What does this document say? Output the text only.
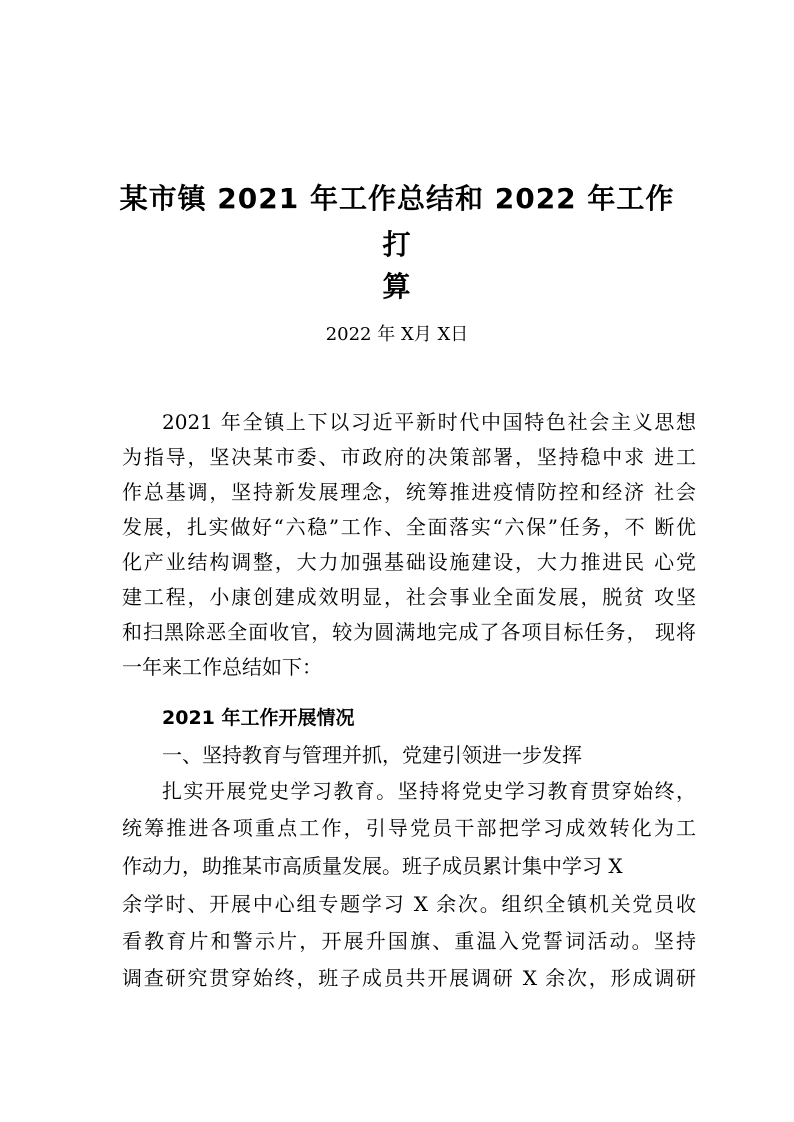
某市镇 2021 年工作总结和 2022 年工作
打
算
2022 年 X月 X日
2021 年全镇上下以习近平新时代中国特色社会主义思想
为指导，坚决某市委、市政府的决策部署，坚持稳中求 进工
作总基调，坚持新发展理念，统筹推进疫情防控和经济 社会
发展，扎实做好“六稳”工作、全面落实“六保”任务，不 断优
化产业结构调整，大力加强基础设施建设，大力推进民 心党
建工程，小康创建成效明显，社会事业全面发展，脱贫 攻坚
和扫黑除恶全面收官，较为圆满地完成了各项目标任务， 现将
一年来工作总结如下：
2021 年工作开展情况
一、坚持教育与管理并抓，党建引领进一步发挥
扎实开展党史学习教育。坚持将党史学习教育贯穿始终，
统筹推进各项重点工作，引导党员干部把学习成效转化为工
作动力，助推某市高质量发展。班子成员累计集中学习 X
余学时、开展中心组专题学习 X 余次。组织全镇机关党员收
看教育片和警示片，开展升国旗、重温入党誓词活动。坚持
调查研究贯穿始终，班子成员共开展调研 X 余次，形成调研
